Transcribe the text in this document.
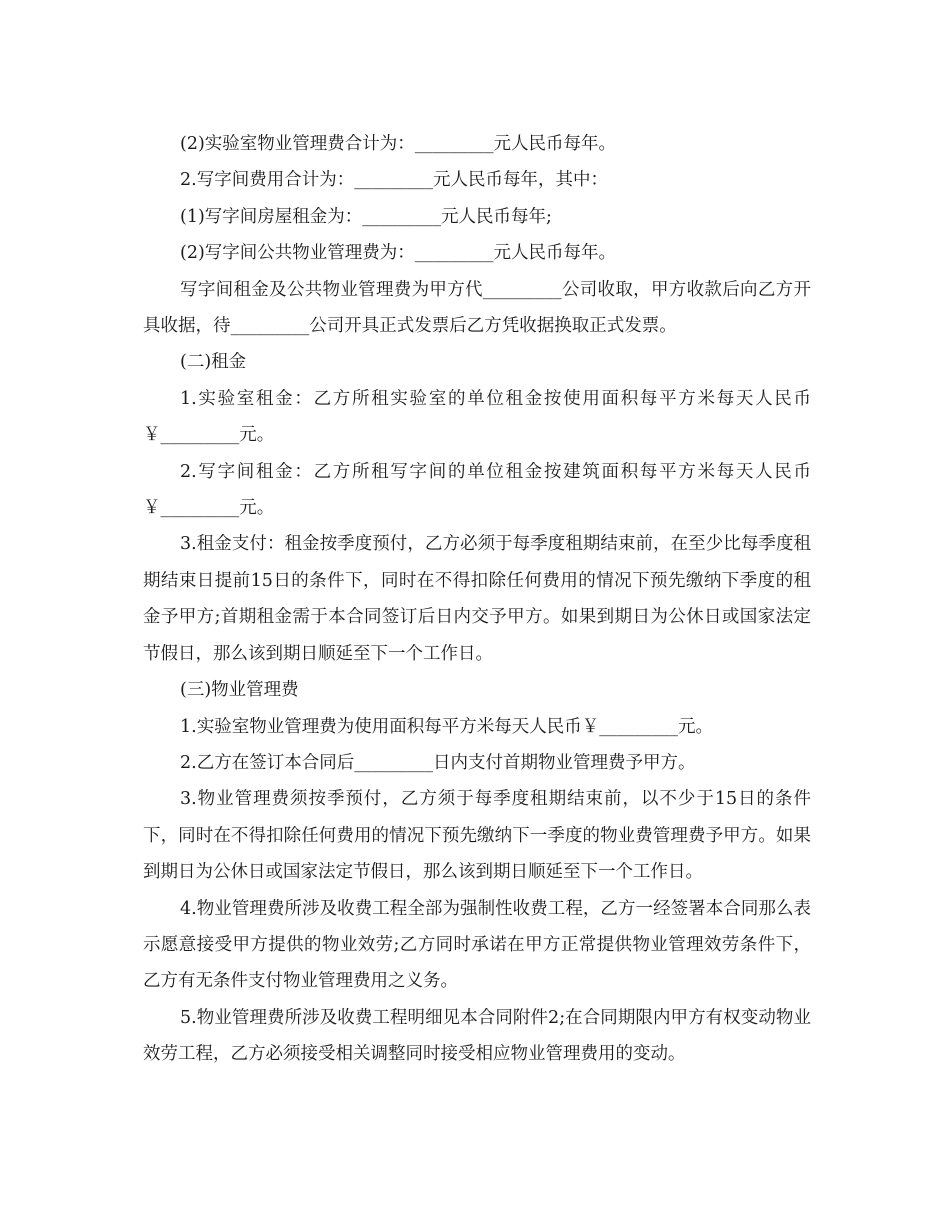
(2)实验室物业管理费合计为：_________元人民币每年。

2.写字间费用合计为：_________元人民币每年，其中：

(1)写字间房屋租金为：_________元人民币每年;

(2)写字间公共物业管理费为：_________元人民币每年。

写字间租金及公共物业管理费为甲方代_________公司收取，甲方收款后向乙方开具收据，待_________公司开具正式发票后乙方凭收据换取正式发票。

(二)租金

1.实验室租金：乙方所租实验室的单位租金按使用面积每平方米每天人民币￥_________元。

2.写字间租金：乙方所租写字间的单位租金按建筑面积每平方米每天人民币￥_________元。

3.租金支付：租金按季度预付，乙方必须于每季度租期结束前，在至少比每季度租期结束日提前15日的条件下，同时在不得扣除任何费用的情况下预先缴纳下季度的租金予甲方;首期租金需于本合同签订后日内交予甲方。如果到期日为公休日或国家法定节假日，那么该到期日顺延至下一个工作日。

(三)物业管理费

1.实验室物业管理费为使用面积每平方米每天人民币￥_________元。

2.乙方在签订本合同后_________日内支付首期物业管理费予甲方。

3.物业管理费须按季预付，乙方须于每季度租期结束前，以不少于15日的条件下，同时在不得扣除任何费用的情况下预先缴纳下一季度的物业费管理费予甲方。如果到期日为公休日或国家法定节假日，那么该到期日顺延至下一个工作日。

4.物业管理费所涉及收费工程全部为强制性收费工程，乙方一经签署本合同那么表示愿意接受甲方提供的物业效劳;乙方同时承诺在甲方正常提供物业管理效劳条件下，乙方有无条件支付物业管理费用之义务。

5.物业管理费所涉及收费工程明细见本合同附件2;在合同期限内甲方有权变动物业效劳工程，乙方必须接受相关调整同时接受相应物业管理费用的变动。
